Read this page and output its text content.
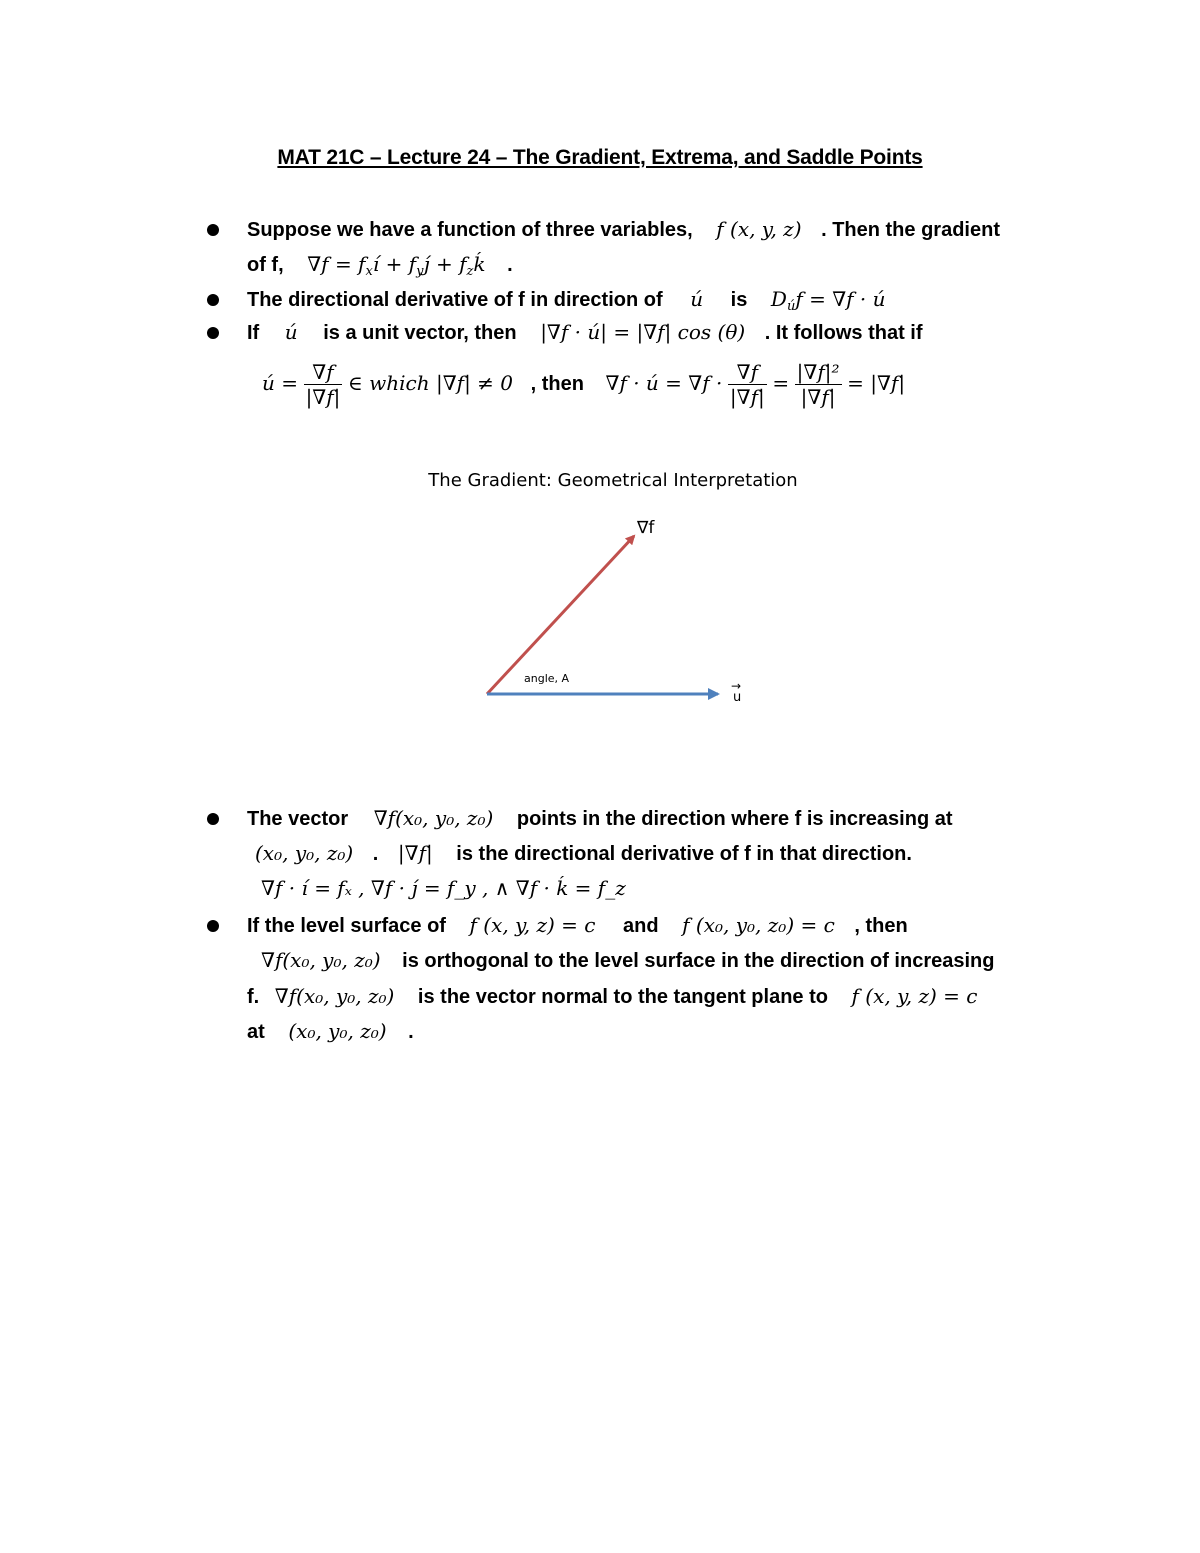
MAT 21C – Lecture 24 – The Gradient, Extrema, and Saddle Points
Suppose we have a function of three variables, f (x, y, z) . Then the gradient
of f, $\nabla f = f_xí$ + $f_yj́$ + $f_zḱ$ .
The directional derivative of f in direction of ú is $D_úf = \nabla f$ · ú
If ú is a unit vector, then |∇f · ú| = |∇f| cos (θ) . It follows that if
ú = $\frac{\nabla f}{|\nabla f|}$ ∈ which |∇f| ≠ 0 , then ∇f · ú = $\nabla f \cdot \frac{\nabla f}{|\nabla f|} = \frac{\text{|∇f|²}}{|\nabla f|} = |\nabla f|$
The Gradient: Geometrical Interpretation
∇f
angle, A
→
u
The vector ∇f(x₀, y₀, z₀) points in the direction where f is increasing at
(x₀, y₀, z₀) . |∇f| is the directional derivative of f in that direction.
∇f · í = fₓ , ∇f · j́ = f_y , ∧ ∇f · ḱ = f_z
If the level surface of f (x, y, z) = c and f (x₀, y₀, z₀) = c , then
∇f(x₀, y₀, z₀) is orthogonal to the level surface in the direction of increasing
f. ∇f(x₀, y₀, z₀) is the vector normal to the tangent plane to f (x, y, z) = c
at (x₀, y₀, z₀) .
